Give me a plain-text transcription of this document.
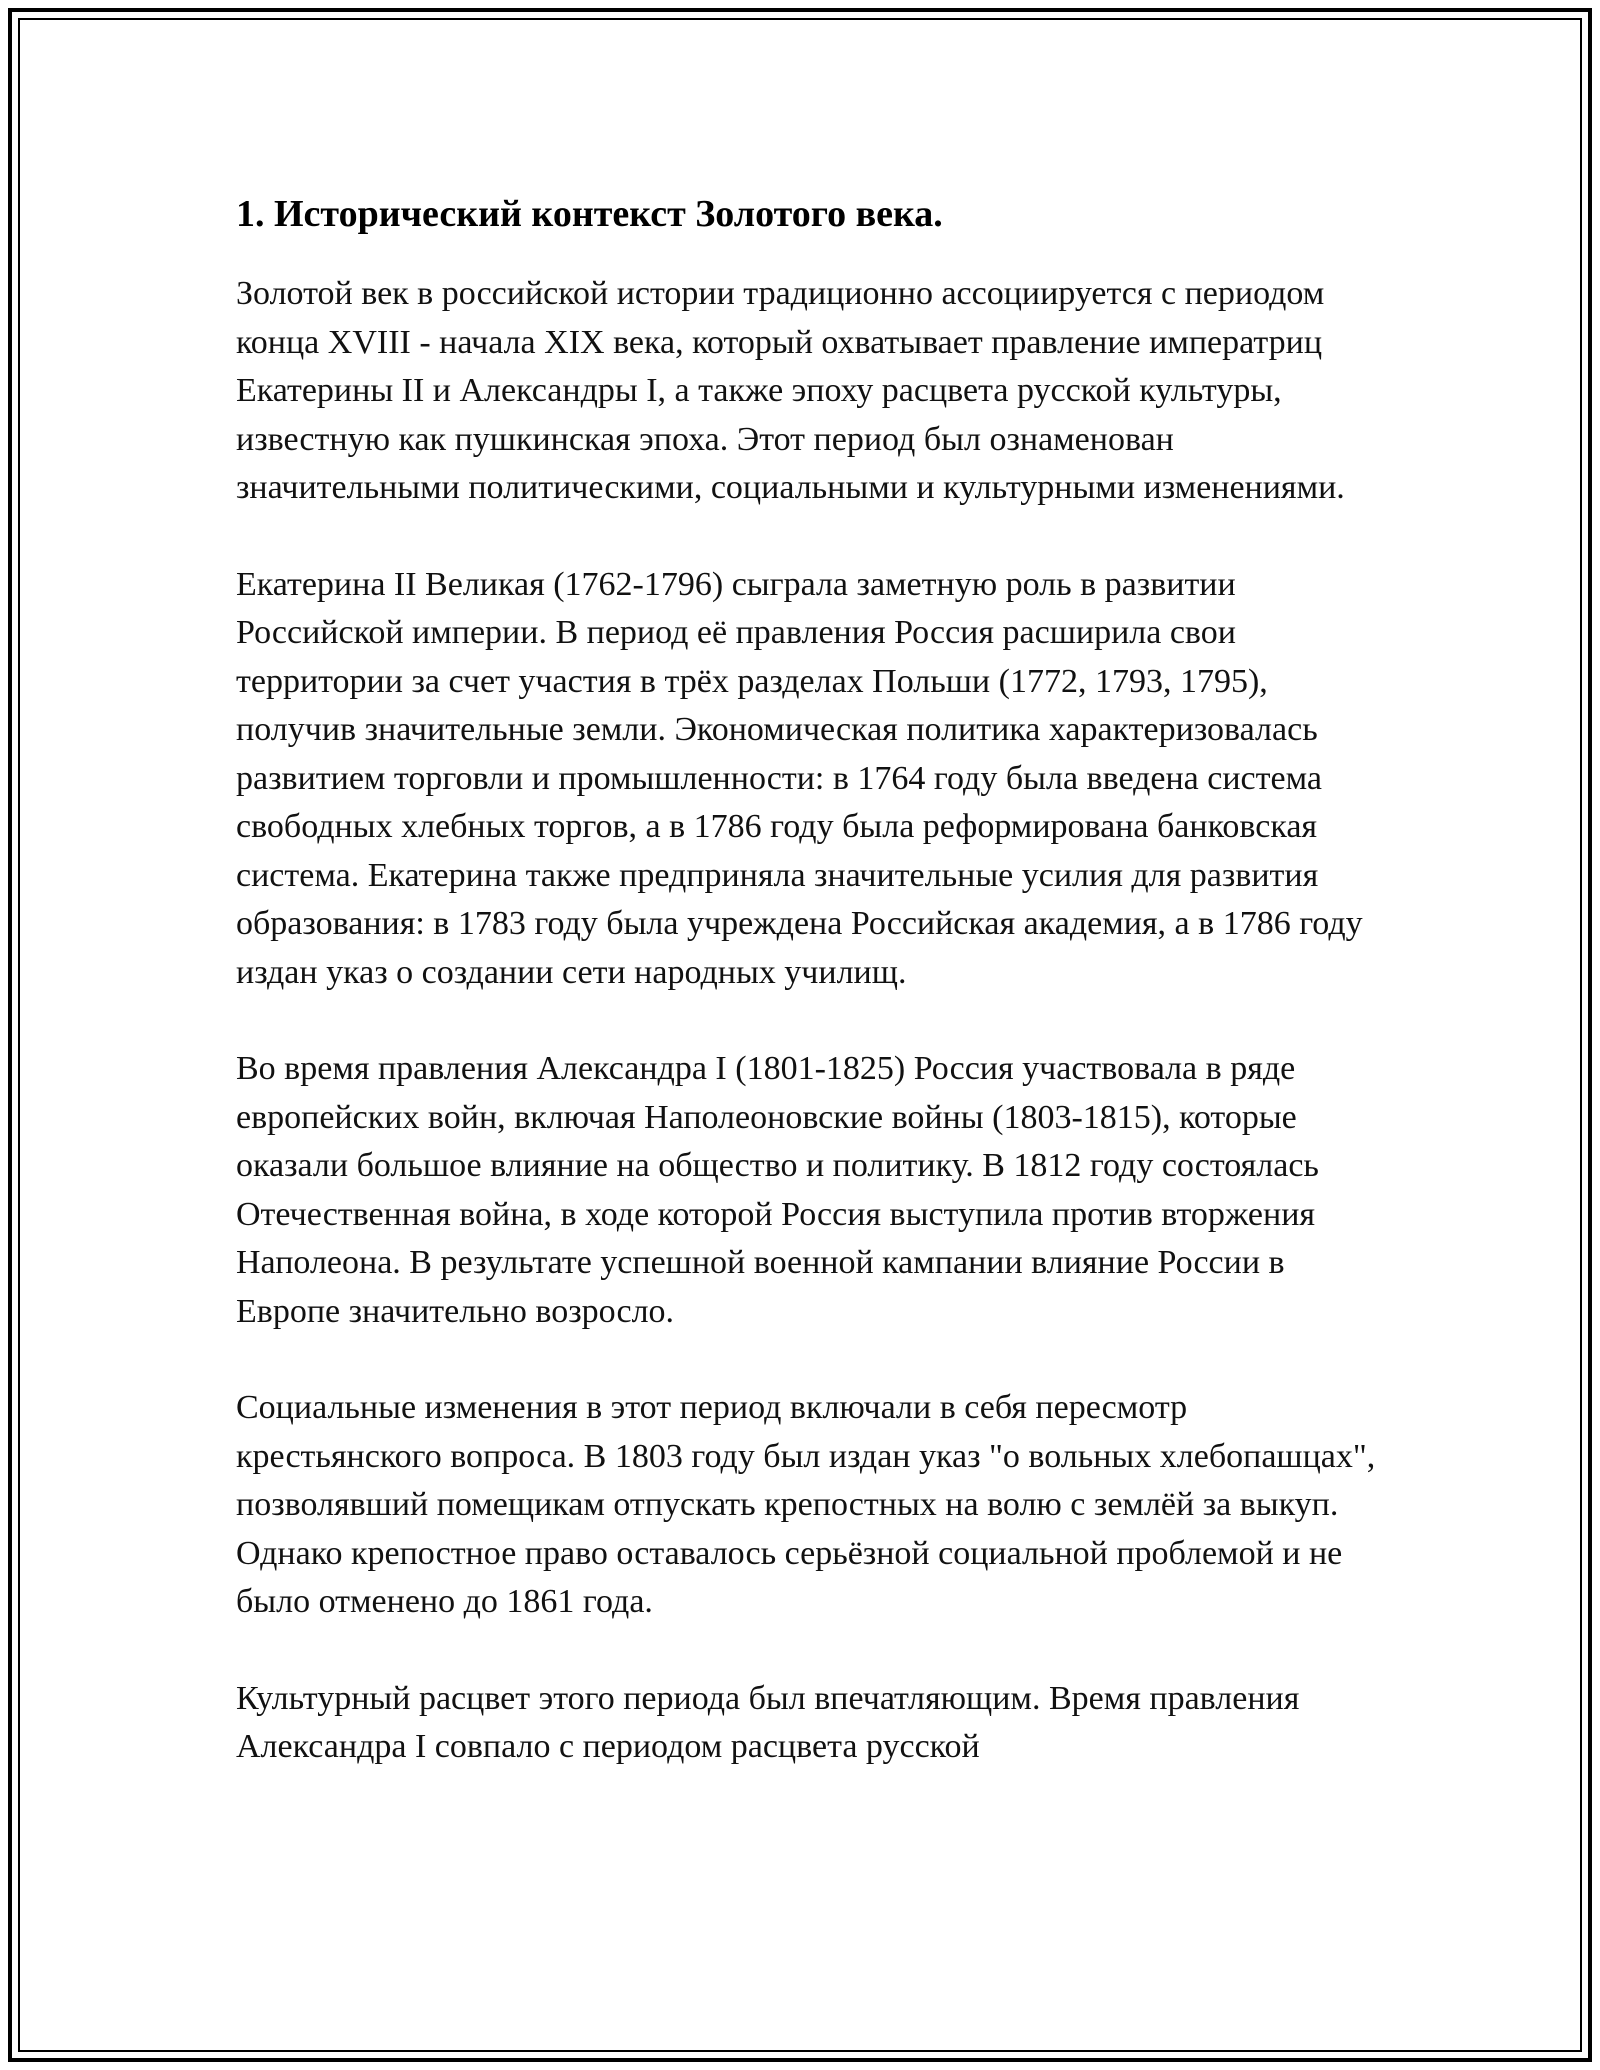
1. Исторический контекст Золотого века.

Золотой век в российской истории традиционно ассоциируется с периодом конца XVIII - начала XIX века, который охватывает правление императриц Екатерины II и Александры I, а также эпоху расцвета русской культуры, известную как пушкинская эпоха. Этот период был ознаменован значительными политическими, социальными и культурными изменениями.

Екатерина II Великая (1762-1796) сыграла заметную роль в развитии Российской империи. В период её правления Россия расширила свои территории за счет участия в трёх разделах Польши (1772, 1793, 1795), получив значительные земли. Экономическая политика характеризовалась развитием торговли и промышленности: в 1764 году была введена система свободных хлебных торгов, а в 1786 году была реформирована банковская система. Екатерина также предприняла значительные усилия для развития образования: в 1783 году была учреждена Российская академия, а в 1786 году издан указ о создании сети народных училищ.

Во время правления Александра I (1801-1825) Россия участвовала в ряде европейских войн, включая Наполеоновские войны (1803-1815), которые оказали большое влияние на общество и политику. В 1812 году состоялась Отечественная война, в ходе которой Россия выступила против вторжения Наполеона. В результате успешной военной кампании влияние России в Европе значительно возросло.

Социальные изменения в этот период включали в себя пересмотр крестьянского вопроса. В 1803 году был издан указ "о вольных хлебопашцах", позволявший помещикам отпускать крепостных на волю с землёй за выкуп. Однако крепостное право оставалось серьёзной социальной проблемой и не было отменено до 1861 года.

Культурный расцвет этого периода был впечатляющим. Время правления Александра I совпало с периодом расцвета русской
